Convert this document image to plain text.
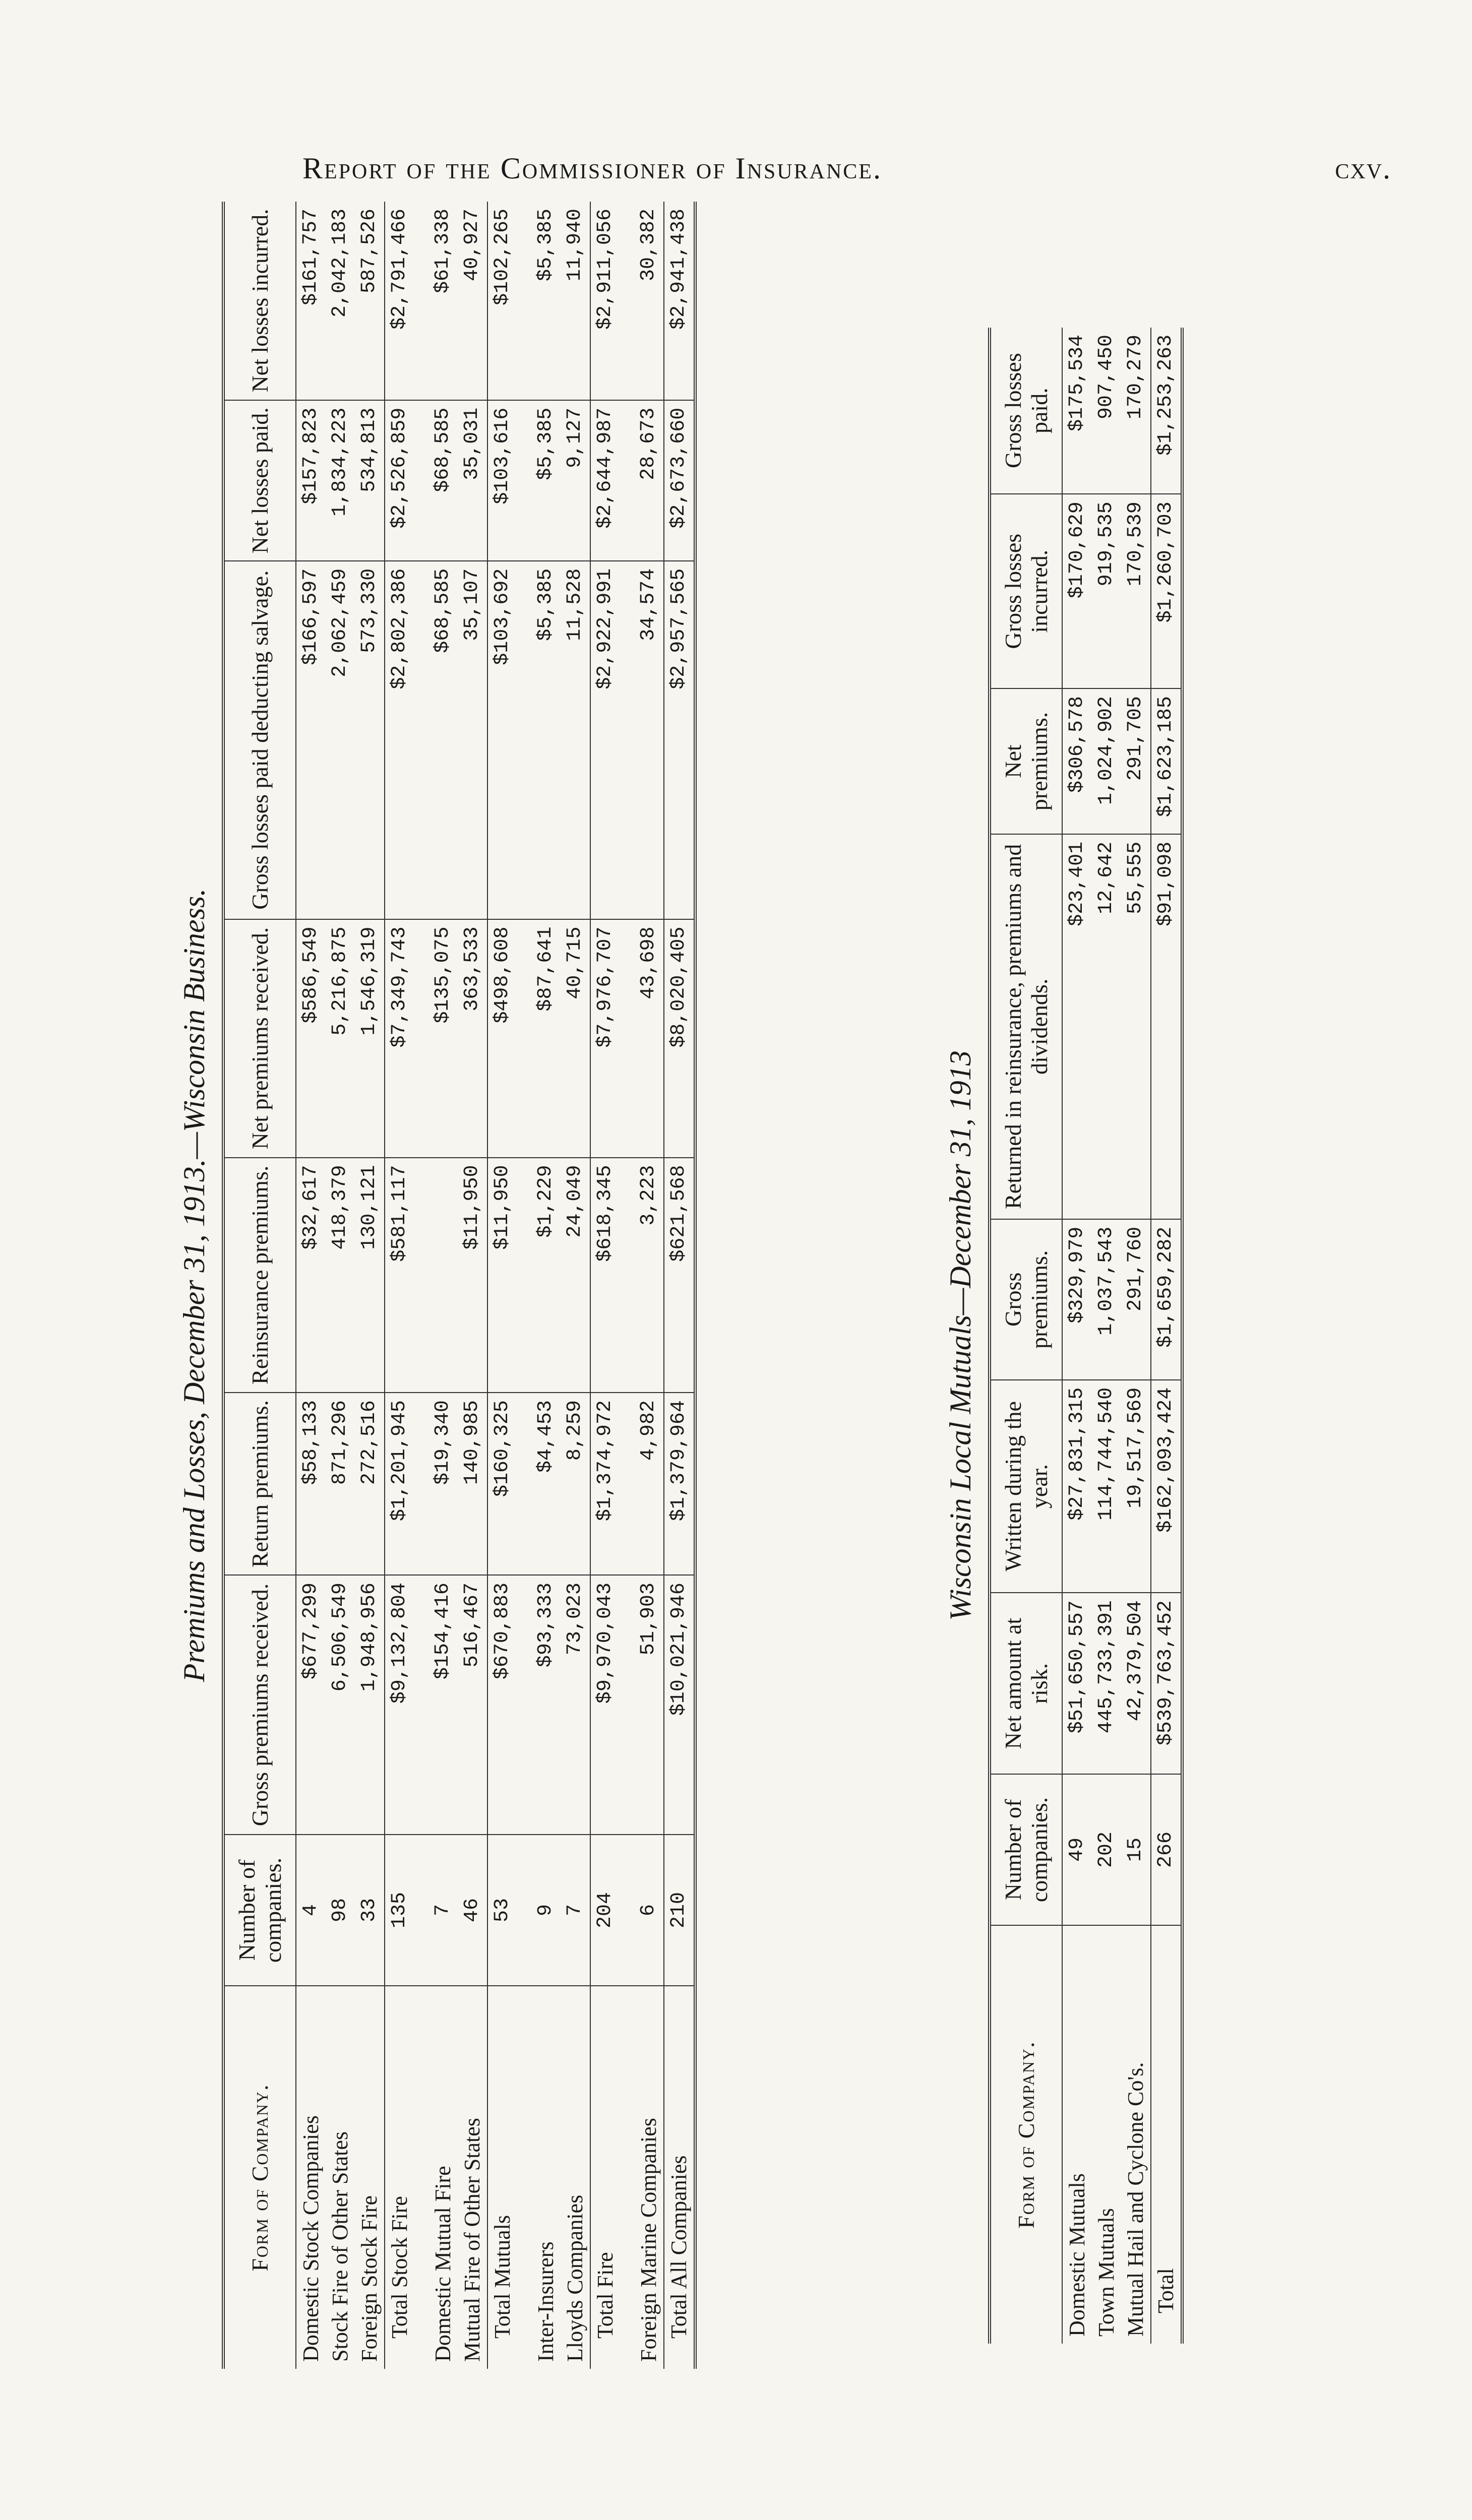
Report of the Commissioner of Insurance.	cxv.
Premiums and Losses, December 31, 1913.—Wisconsin Business.
Form of Company.	Number of companies.	Gross premiums received.	Return premiums.	Reinsurance premiums.	Net premiums received.	Gross losses paid deducting salvage.	Net losses paid.	Net losses incurred.
Domestic Stock Companies	4	$677,299	$58,133	$32,617	$586,549	$166,597	$157,823	$161,757
Stock Fire of Other States	98	6,506,549	871,296	418,379	5,216,875	2,062,459	1,834,223	2,042,183
Foreign Stock Fire	33	1,948,956	272,516	130,121	1,546,319	573,330	534,813	587,526
Total Stock Fire	135	$9,132,804	$1,201,945	$581,117	$7,349,743	$2,802,386	$2,526,859	$2,791,466

Domestic Mutual Fire	7	$154,416	$19,340		$135,075	$68,585	$68,585	$61,338
Mutual Fire of Other States	46	516,467	140,985	$11,950	363,533	35,107	35,031	40,927
Total Mutuals	53	$670,883	$160,325	$11,950	$498,608	$103,692	$103,616	$102,265

Inter-Insurers	9	$93,333	$4,453	$1,229	$87,641	$5,385	$5,385	$5,385
Lloyds Companies	7	73,023	8,259	24,049	40,715	11,528	9,127	11,940
Total Fire	204	$9,970,043	$1,374,972	$618,345	$7,976,707	$2,922,991	$2,644,987	$2,911,056

Foreign Marine Companies	6	51,903	4,982	3,223	43,698	34,574	28,673	30,382
Total All Companies	210	$10,021,946	$1,379,964	$621,568	$8,020,405	$2,957,565	$2,673,660	$2,941,438
Wisconsin Local Mutuals—December 31, 1913
Form of Company.	Number of companies.	Net amount at risk.	Written during the year.	Gross premiums.	Returned in reinsurance, premiums and dividends.	Net premiums.	Gross losses incurred.	Gross losses paid.
Domestic Mutuals	49	$51,650,557	$27,831,315	$329,979	$23,401	$306,578	$170,629	$175,534
Town Mutuals	202	445,733,391	114,744,540	1,037,543	12,642	1,024,902	919,535	907,450
Mutual Hail and Cyclone Co's.	15	42,379,504	19,517,569	291,760	55,555	291,705	170,539	170,279
Total	266	$539,763,452	$162,093,424	$1,659,282	$91,098	$1,623,185	$1,260,703	$1,253,263
